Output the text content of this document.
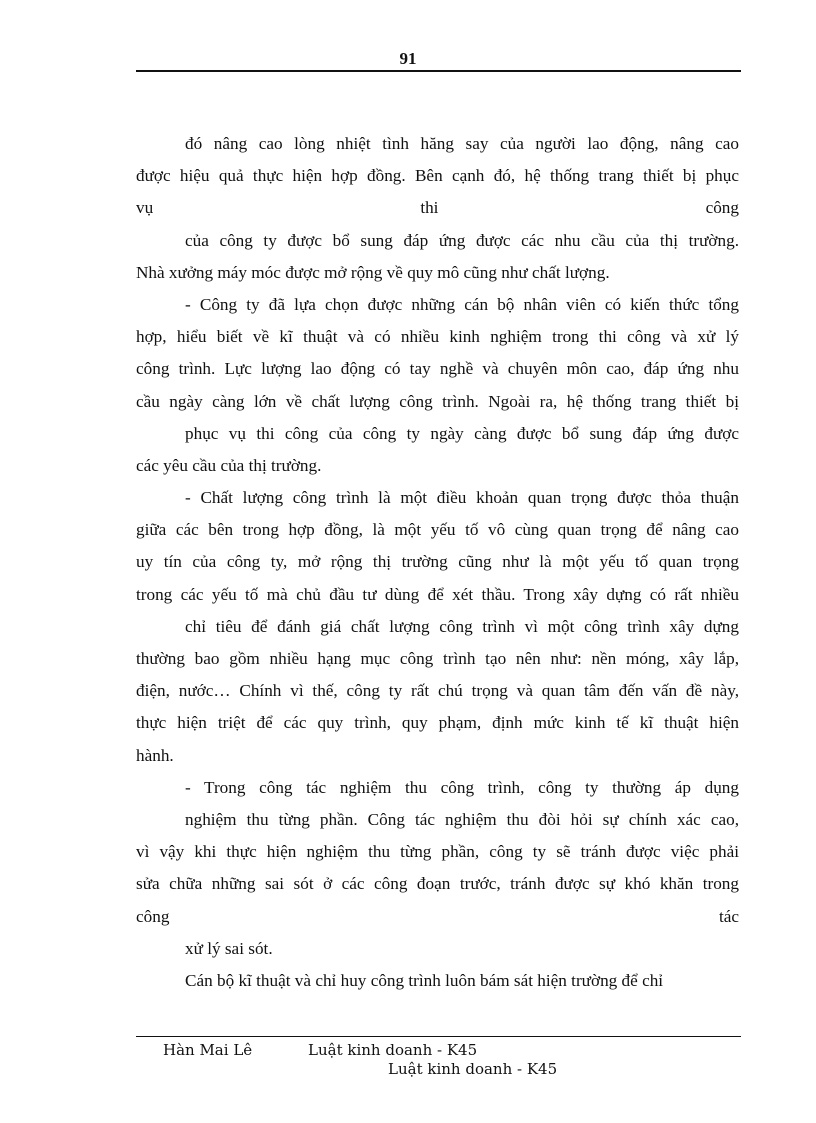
91
đó nâng cao lòng nhiệt tình hăng say của người lao động, nâng cao
được hiệu quả thực hiện hợp đồng. Bên cạnh đó, hệ thống trang thiết bị phục
vụ thi công
của công ty được bổ sung đáp ứng được các nhu cầu của thị trường.
Nhà xưởng máy móc được mở rộng về quy mô cũng như chất lượng.
- Công ty đã lựa chọn được những cán bộ nhân viên có kiến thức tổng
hợp, hiểu biết về kĩ thuật và có nhiều kinh nghiệm trong thi công và xử lý
công trình. Lực lượng lao động có tay nghề và chuyên môn cao, đáp ứng nhu
cầu ngày càng lớn về chất lượng công trình. Ngoài ra, hệ thống trang thiết bị
phục vụ thi công của công ty ngày càng được bổ sung đáp ứng được
các yêu cầu của thị trường.
- Chất lượng công trình là một điều khoản quan trọng được thỏa thuận
giữa các bên trong hợp đồng, là một yếu tố vô cùng quan trọng để nâng cao
uy tín của công ty, mở rộng thị trường cũng như là một yếu tố quan trọng
trong các yếu tố mà chủ đầu tư dùng để xét thầu. Trong xây dựng có rất nhiều
chỉ tiêu để đánh giá chất lượng công trình vì một công trình xây dựng
thường bao gồm nhiều hạng mục công trình tạo nên như: nền móng, xây lắp,
điện, nước… Chính vì thế, công ty rất chú trọng và quan tâm đến vấn đề này,
thực hiện triệt để các quy trình, quy phạm, định mức kinh tế kĩ thuật hiện
hành.
- Trong công tác nghiệm thu công trình, công ty thường áp dụng
nghiệm thu từng phần. Công tác nghiệm thu đòi hỏi sự chính xác cao,
vì vậy khi thực hiện nghiệm thu từng phần, công ty sẽ tránh được việc phải
sửa chữa những sai sót ở các công đoạn trước, tránh được sự khó khăn trong
công tác
xử lý sai sót.
Cán bộ kĩ thuật và chỉ huy công trình luôn bám sát hiện trường để chỉ
Hàn Mai Lê	Luật kinh doanh - K45
Luật kinh doanh - K45
